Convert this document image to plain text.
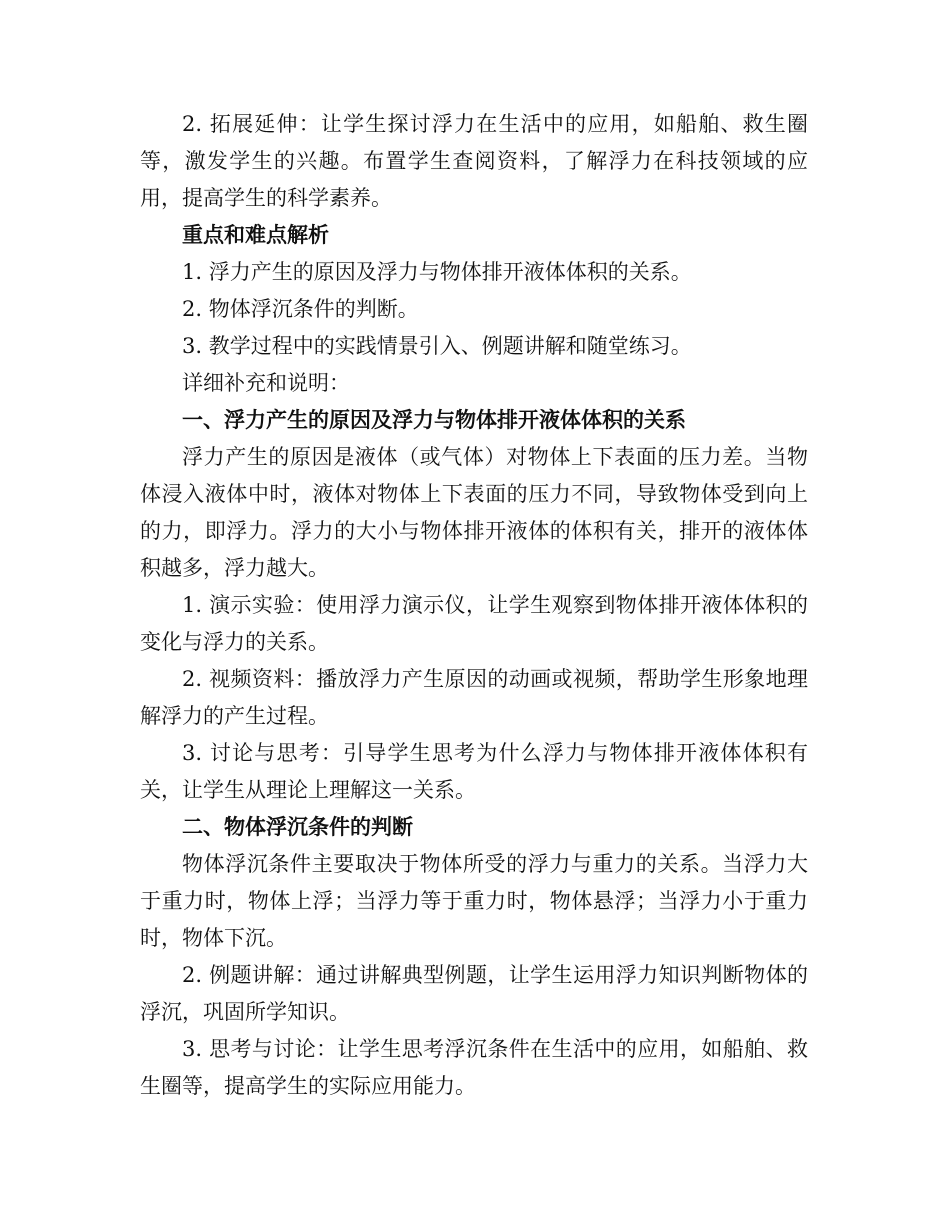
2. 拓展延伸：让学生探讨浮力在生活中的应用，如船舶、救生圈等，激发学生的兴趣。布置学生查阅资料，了解浮力在科技领域的应用，提高学生的科学素养。

重点和难点解析

1. 浮力产生的原因及浮力与物体排开液体体积的关系。

2. 物体浮沉条件的判断。

3. 教学过程中的实践情景引入、例题讲解和随堂练习。

详细补充和说明：

一、浮力产生的原因及浮力与物体排开液体体积的关系

浮力产生的原因是液体（或气体）对物体上下表面的压力差。当物体浸入液体中时，液体对物体上下表面的压力不同，导致物体受到向上的力，即浮力。浮力的大小与物体排开液体的体积有关，排开的液体体积越多，浮力越大。

1. 演示实验：使用浮力演示仪，让学生观察到物体排开液体体积的变化与浮力的关系。

2. 视频资料：播放浮力产生原因的动画或视频，帮助学生形象地理解浮力的产生过程。

3. 讨论与思考：引导学生思考为什么浮力与物体排开液体体积有关，让学生从理论上理解这一关系。

二、物体浮沉条件的判断

物体浮沉条件主要取决于物体所受的浮力与重力的关系。当浮力大于重力时，物体上浮；当浮力等于重力时，物体悬浮；当浮力小于重力时，物体下沉。

2. 例题讲解：通过讲解典型例题，让学生运用浮力知识判断物体的浮沉，巩固所学知识。

3. 思考与讨论：让学生思考浮沉条件在生活中的应用，如船舶、救生圈等，提高学生的实际应用能力。
